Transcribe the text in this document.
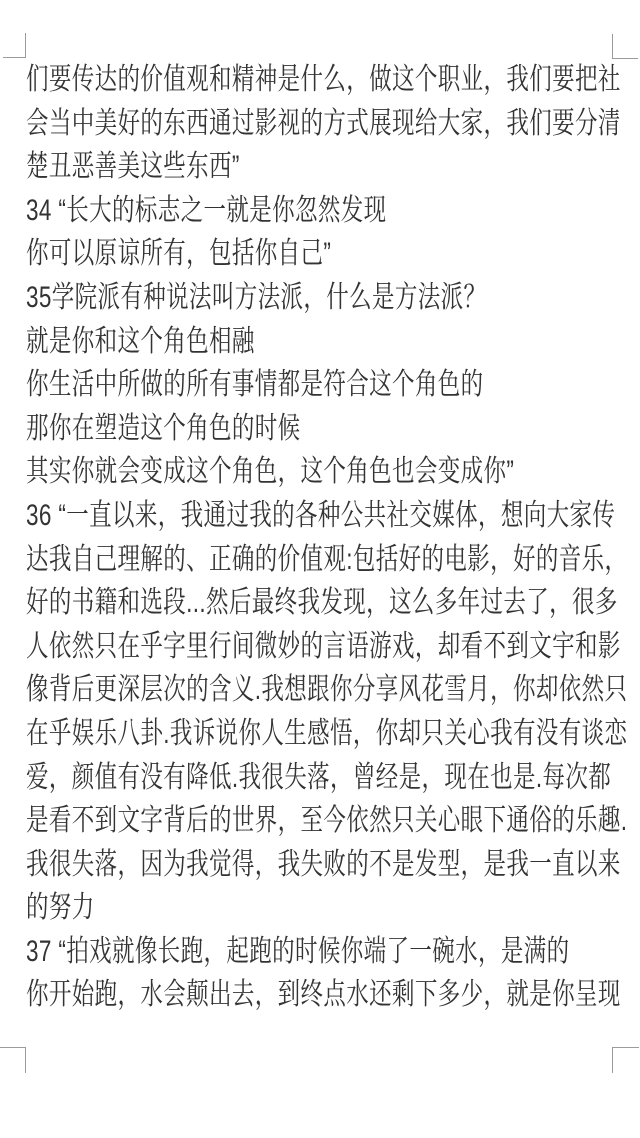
们要传达的价值观和精神是什么，做这个职业，我们要把社
会当中美好的东西通过影视的方式展现给大家，我们要分清
楚丑恶善美这些东西”
34 “长大的标志之一就是你忽然发现
你可以原谅所有，包括你自己”
35学院派有种说法叫方法派，什么是方法派？
就是你和这个角色相融
你生活中所做的所有事情都是符合这个角色的
那你在塑造这个角色的时候
其实你就会变成这个角色，这个角色也会变成你”
36 “一直以来，我通过我的各种公共社交媒体，想向大家传
达我自己理解的、正确的价值观:包括好的电影，好的音乐，
好的书籍和选段...然后最终我发现，这么多年过去了，很多
人依然只在乎字里行间微妙的言语游戏，却看不到文宇和影
像背后更深层次的含义.我想跟你分享风花雪月，你却依然只
在乎娱乐八卦.我诉说你人生感悟，你却只关心我有没有谈恋
爱，颜值有没有降低.我很失落，曾经是，现在也是.每次都
是看不到文字背后的世界，至今依然只关心眼下通俗的乐趣.
我很失落，因为我觉得，我失败的不是发型，是我一直以来
的努力
37 “拍戏就像长跑，起跑的时候你端了一碗水，是满的
你开始跑，水会颠出去，到终点水还剩下多少，就是你呈现
